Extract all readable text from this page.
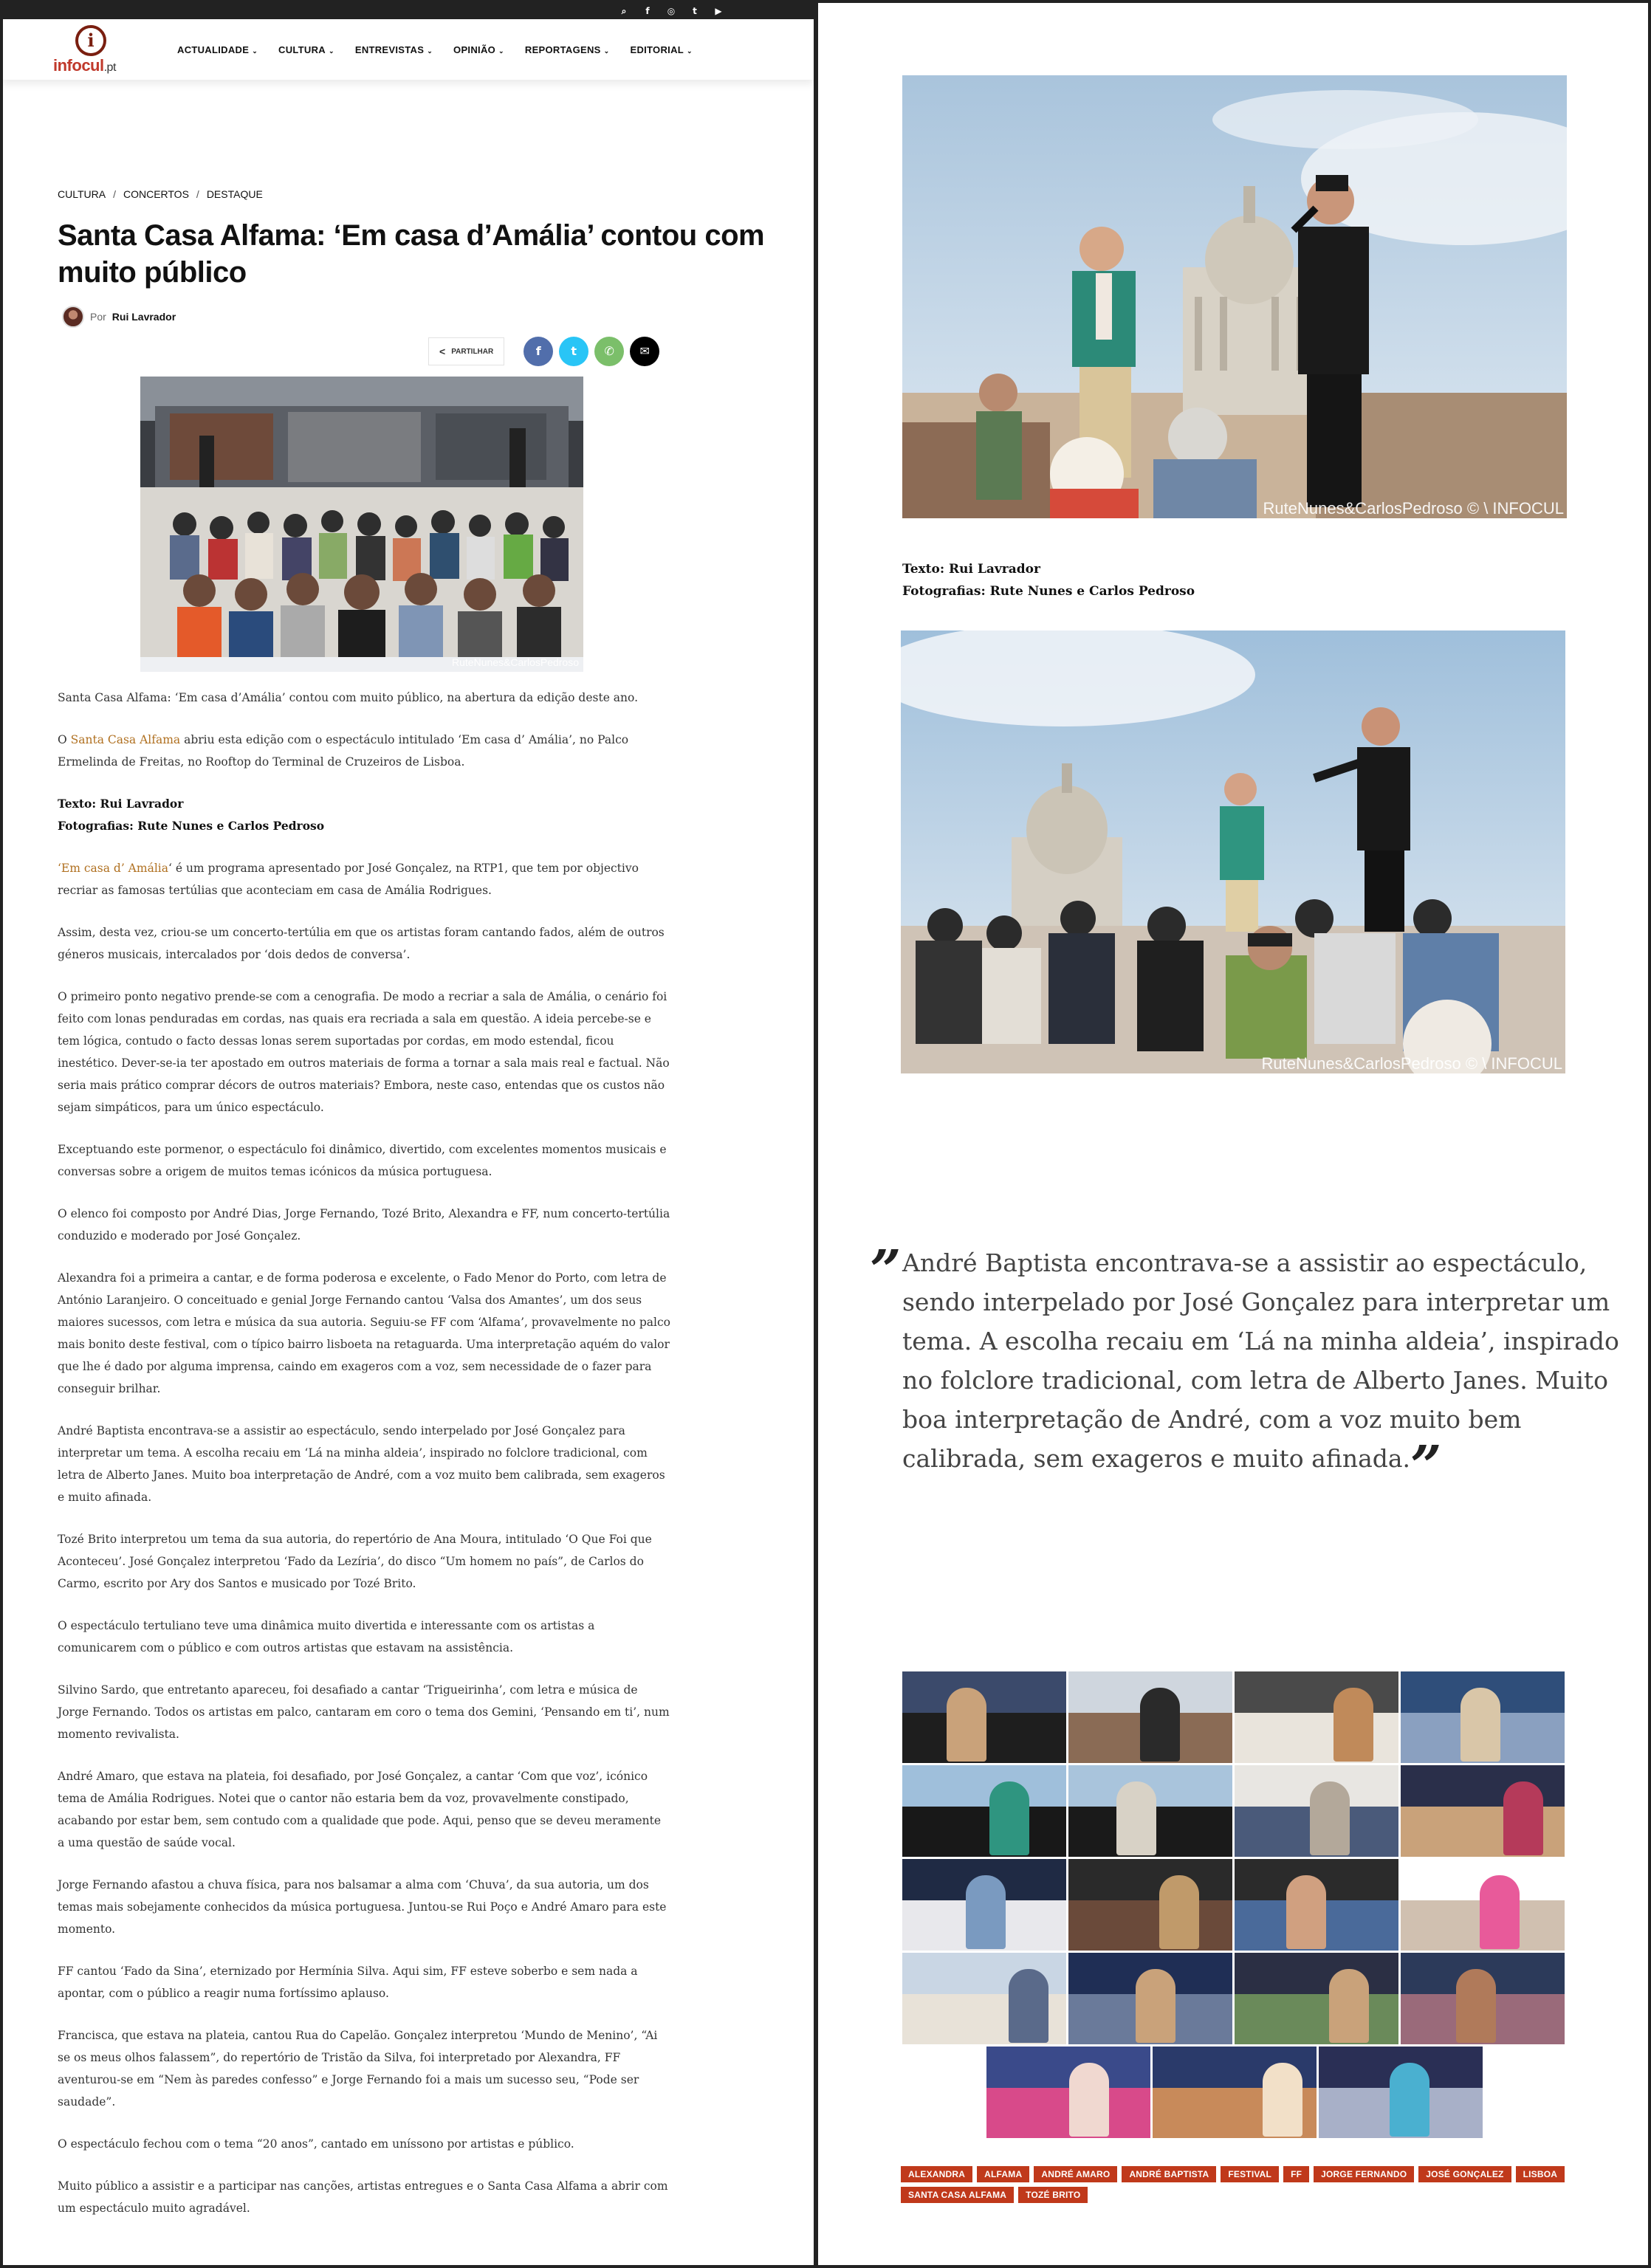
⌕	f	◎	t	▶
i
infocul.pt
ACTUALIDADE ⌄ CULTURA ⌄ ENTREVISTAS ⌄ OPINIÃO ⌄ REPORTAGENS ⌄ EDITORIAL ⌄
CULTURA / CONCERTOS / DESTAQUE
Santa Casa Alfama: ‘Em casa d’Amália’ contou com muito público
Por Rui Lavrador
< PARTILHAR	f	t	✆	✉
RuteNunes&CarlosPedroso

Santa Casa Alfama: ‘Em casa d’Amália’ contou com muito público, na abertura da edição deste ano.

O Santa Casa Alfama abriu esta edição com o espectáculo intitulado ‘Em casa d’ Amália’, no Palco Ermelinda de Freitas, no Rooftop do Terminal de Cruzeiros de Lisboa.

Texto: Rui Lavrador
Fotografias: Rute Nunes e Carlos Pedroso

‘Em casa d’ Amália‘ é um programa apresentado por José Gonçalez, na RTP1, que tem por objectivo recriar as famosas tertúlias que aconteciam em casa de Amália Rodrigues.

Assim, desta vez, criou-se um concerto-tertúlia em que os artistas foram cantando fados, além de outros géneros musicais, intercalados por ‘dois dedos de conversa’.

O primeiro ponto negativo prende-se com a cenografia. De modo a recriar a sala de Amália, o cenário foi feito com lonas penduradas em cordas, nas quais era recriada a sala em questão. A ideia percebe-se e tem lógica, contudo o facto dessas lonas serem suportadas por cordas, em modo estendal, ficou inestético. Dever-se-ia ter apostado em outros materiais de forma a tornar a sala mais real e factual. Não seria mais prático comprar décors de outros materiais? Embora, neste caso, entendas que os custos não sejam simpáticos, para um único espectáculo.

Exceptuando este pormenor, o espectáculo foi dinâmico, divertido, com excelentes momentos musicais e conversas sobre a origem de muitos temas icónicos da música portuguesa.

O elenco foi composto por André Dias, Jorge Fernando, Tozé Brito, Alexandra e FF, num concerto-tertúlia conduzido e moderado por José Gonçalez.

Alexandra foi a primeira a cantar, e de forma poderosa e excelente, o Fado Menor do Porto, com letra de António Laranjeiro. O conceituado e genial Jorge Fernando cantou ‘Valsa dos Amantes’, um dos seus maiores sucessos, com letra e música da sua autoria. Seguiu-se FF com ‘Alfama’, provavelmente no palco mais bonito deste festival, com o típico bairro lisboeta na retaguarda. Uma interpretação aquém do valor que lhe é dado por alguma imprensa, caindo em exageros com a voz, sem necessidade de o fazer para conseguir brilhar.

André Baptista encontrava-se a assistir ao espectáculo, sendo interpelado por José Gonçalez para interpretar um tema. A escolha recaiu em ‘Lá na minha aldeia’, inspirado no folclore tradicional, com letra de Alberto Janes. Muito boa interpretação de André, com a voz muito bem calibrada, sem exageros e muito afinada.

Tozé Brito interpretou um tema da sua autoria, do repertório de Ana Moura, intitulado ‘O Que Foi que Aconteceu’. José Gonçalez interpretou ‘Fado da Lezíria’, do disco “Um homem no país”, de Carlos do Carmo, escrito por Ary dos Santos e musicado por Tozé Brito.

O espectáculo tertuliano teve uma dinâmica muito divertida e interessante com os artistas a comunicarem com o público e com outros artistas que estavam na assistência.

Silvino Sardo, que entretanto apareceu, foi desafiado a cantar ‘Trigueirinha’, com letra e música de Jorge Fernando. Todos os artistas em palco, cantaram em coro o tema dos Gemini, ‘Pensando em ti’, num momento revivalista.

André Amaro, que estava na plateia, foi desafiado, por José Gonçalez, a cantar ‘Com que voz’, icónico tema de Amália Rodrigues. Notei que o cantor não estaria bem da voz, provavelmente constipado, acabando por estar bem, sem contudo com a qualidade que pode. Aqui, penso que se deveu meramente a uma questão de saúde vocal.

Jorge Fernando afastou a chuva física, para nos balsamar a alma com ‘Chuva’, da sua autoria, um dos temas mais sobejamente conhecidos da música portuguesa. Juntou-se Rui Poço e André Amaro para este momento.

FF cantou ‘Fado da Sina’, eternizado por Hermínia Silva. Aqui sim, FF esteve soberbo e sem nada a apontar, com o público a reagir numa fortíssimo aplauso.

Francisca, que estava na plateia, cantou Rua do Capelão. Gonçalez interpretou ‘Mundo de Menino’, “Ai se os meus olhos falassem”, do repertório de Tristão da Silva, foi interpretado por Alexandra, FF aventurou-se em “Nem às paredes confesso” e Jorge Fernando foi a mais um sucesso seu, “Pode ser saudade”.

O espectáculo fechou com o tema “20 anos”, cantado em uníssono por artistas e público.

Muito público a assistir e a participar nas canções, artistas entregues e o Santa Casa Alfama a abrir com um espectáculo muito agradável.

RuteNunes&CarlosPedroso © \ INFOCUL
Texto: Rui Lavrador
Fotografias: Rute Nunes e Carlos Pedroso
RuteNunes&CarlosPedroso © \ INFOCUL
” André Baptista encontrava-se a assistir ao espectáculo, sendo interpelado por José Gonçalez para interpretar um tema. A escolha recaiu em ‘Lá na minha aldeia’, inspirado no folclore tradicional, com letra de Alberto Janes. Muito boa interpretação de André, com a voz muito bem calibrada, sem exageros e muito afinada.”
ALEXANDRA	ALFAMA	ANDRÉ AMARO	ANDRÉ BAPTISTA	FESTIVAL	FF	JORGE FERNANDO	JOSÉ GONÇALEZ	LISBOA
SANTA CASA ALFAMA	TOZÉ BRITO
